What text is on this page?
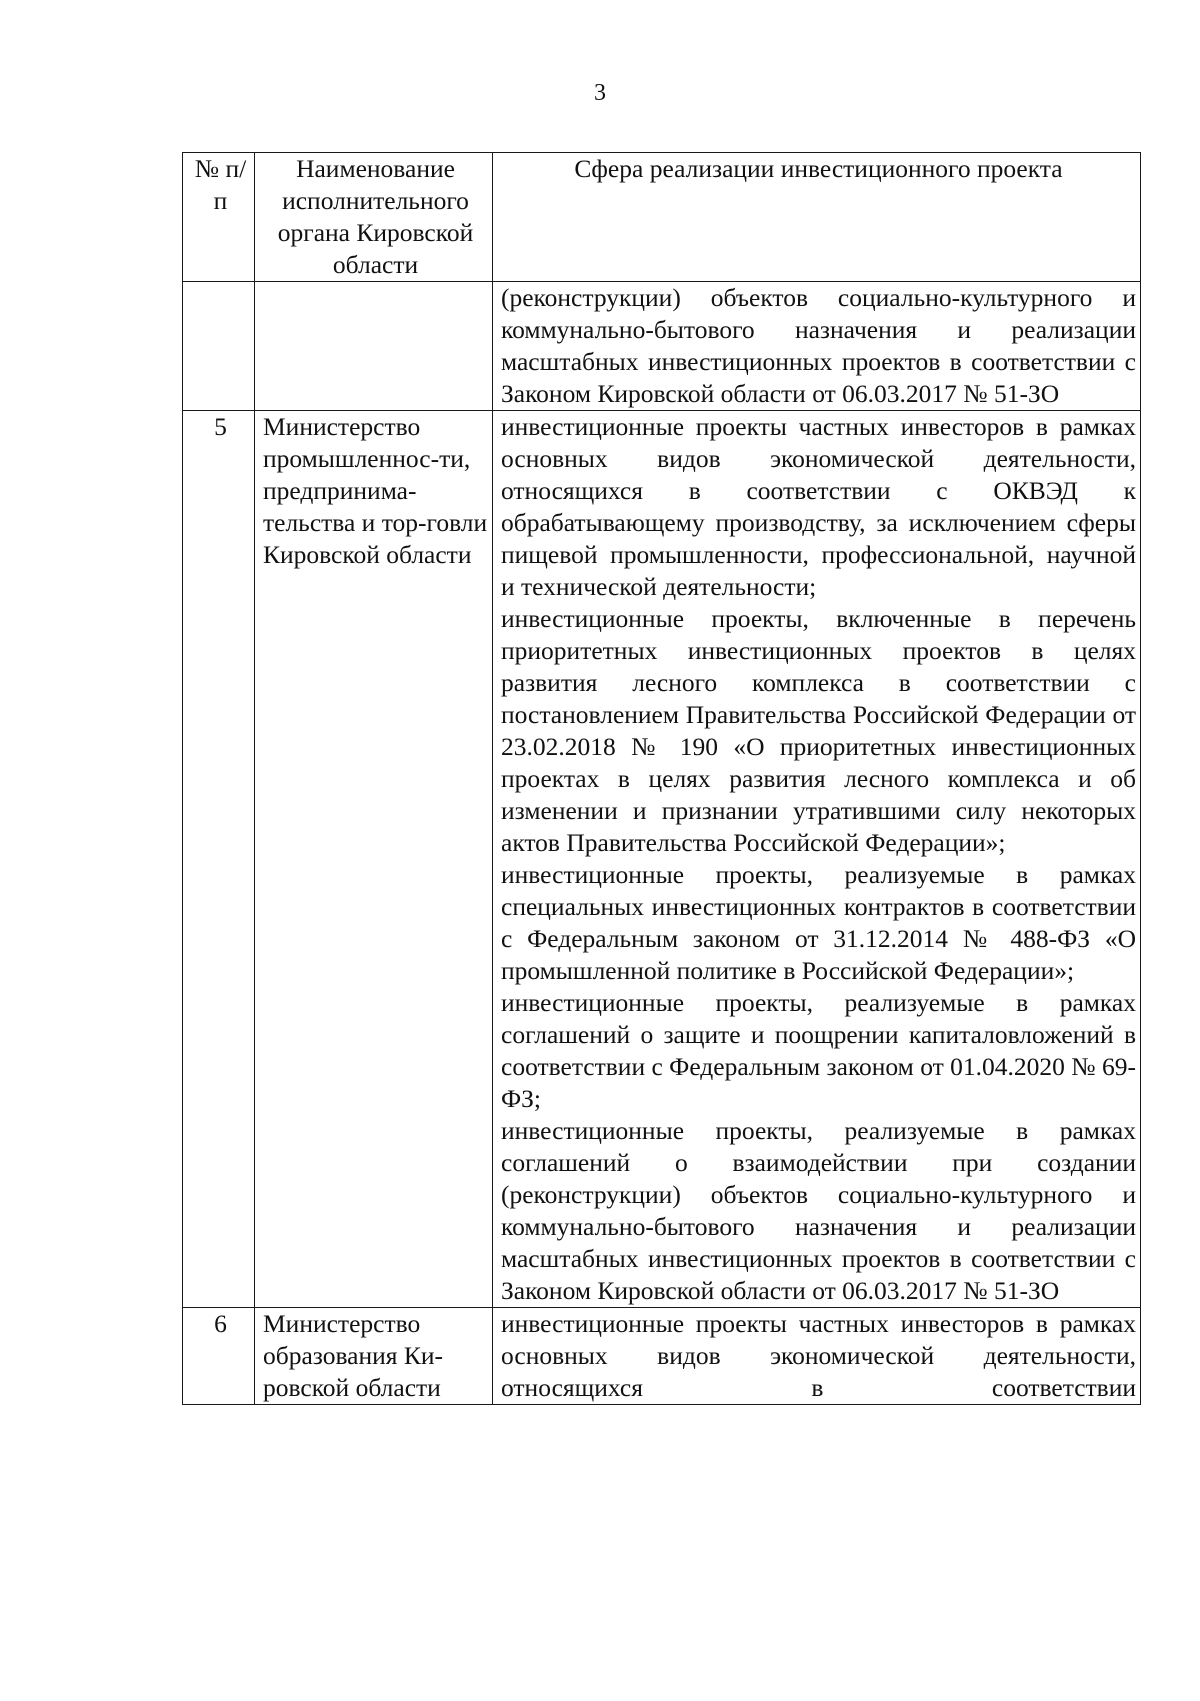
3
№ п/п	Наименование исполнительного органа Кировской области	Сфера реализации инвестиционного проекта

		(реконструкции) объектов социально-культурного и коммунально-бытового назначения и реализации масштабных инвестиционных проектов в соответствии с Законом Кировской области от 06.03.2017 № 51-ЗО

5	Министерство промышленнос-ти, предпринима-тельства и тор-говли Кировской области	инвестиционные проекты частных инвесторов в рамках основных видов экономической деятельности, относящихся в соответствии с ОКВЭД к обрабатывающему производству, за исключением сферы пищевой промышленности, профессиональной, научной и технической деятельности;
инвестиционные проекты, включенные в перечень приоритетных инвестиционных проектов в целях развития лесного комплекса в соответствии с постановлением Правительства Российской Федерации от 23.02.2018 № 190 «О приоритетных инвестиционных проектах в целях развития лесного комплекса и об изменении и признании утратившими силу некоторых актов Правительства Российской Федерации»;
инвестиционные проекты, реализуемые в рамках специальных инвестиционных контрактов в соответствии с Федеральным законом от 31.12.2014 № 488-ФЗ «О промышленной политике в Российской Федерации»;
инвестиционные проекты, реализуемые в рамках соглашений о защите и поощрении капиталовложений в соответствии с Федеральным законом от 01.04.2020 № 69-ФЗ;
инвестиционные проекты, реализуемые в рамках соглашений о взаимодействии при создании (реконструкции) объектов социально-культурного и коммунально-бытового назначения и реализации масштабных инвестиционных проектов в соответствии с Законом Кировской области от 06.03.2017 № 51-ЗО

6	Министерство образования Ки-ровской области	инвестиционные проекты частных инвесторов в рамках основных видов экономической деятельности, относящихся в соответствии
